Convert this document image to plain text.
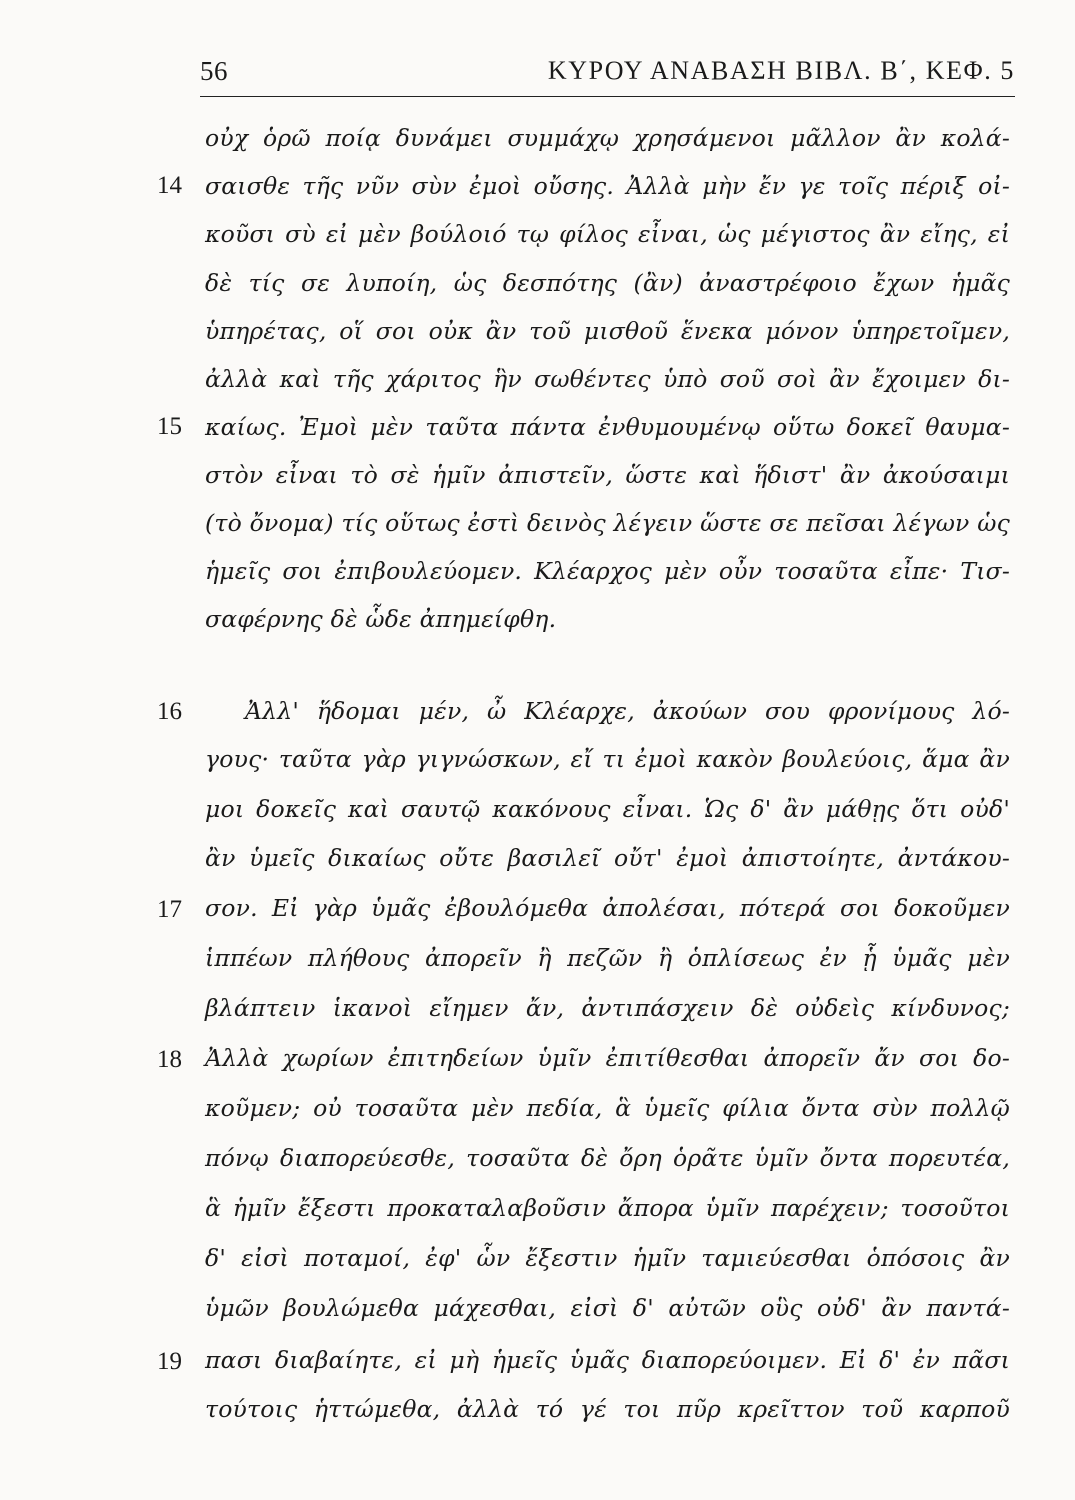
56	ΚΥΡΟΥ ΑΝΑΒΑΣΗ ΒΙΒΛ. Β΄, ΚΕΦ. 5
οὐχ ὁρῶ ποίᾳ δυνάμει συμμάχῳ χρησάμενοι μᾶλλον ἂν κολά-
14 σαισθε τῆς νῦν σὺν ἐμοὶ οὔσης. Ἀλλὰ μὴν ἔν γε τοῖς πέριξ οἰ-
κοῦσι σὺ εἰ μὲν βούλοιό τῳ φίλος εἶναι, ὡς μέγιστος ἂν εἴης, εἰ
δὲ τίς σε λυποίη, ὡς δεσπότης (ἂν) ἀναστρέφοιο ἔχων ἡμᾶς
ὑπηρέτας, οἵ σοι οὐκ ἂν τοῦ μισθοῦ ἕνεκα μόνον ὑπηρετοῖμεν,
ἀλλὰ καὶ τῆς χάριτος ἣν σωθέντες ὑπὸ σοῦ σοὶ ἂν ἔχοιμεν δι-
15 καίως. Ἐμοὶ μὲν ταῦτα πάντα ἐνθυμουμένῳ οὕτω δοκεῖ θαυμα-
στὸν εἶναι τὸ σὲ ἡμῖν ἀπιστεῖν, ὥστε καὶ ἥδιστ' ἂν ἀκούσαιμι
(τὸ ὄνομα) τίς οὕτως ἐστὶ δεινὸς λέγειν ὥστε σε πεῖσαι λέγων ὡς
ἡμεῖς σοι ἐπιβουλεύομεν. Κλέαρχος μὲν οὖν τοσαῦτα εἶπε· Τισ-
σαφέρνης δὲ ὧδε ἀπημείφθη.
16	Ἀλλ' ἥδομαι μέν, ὦ Κλέαρχε, ἀκούων σου φρονίμους λό-
γους· ταῦτα γὰρ γιγνώσκων, εἴ τι ἐμοὶ κακὸν βουλεύοις, ἅμα ἂν
μοι δοκεῖς καὶ σαυτῷ κακόνους εἶναι. Ὡς δ' ἂν μάθῃς ὅτι οὐδ'
ἂν ὑμεῖς δικαίως οὔτε βασιλεῖ οὔτ' ἐμοὶ ἀπιστοίητε, ἀντάκου-
17 σον. Εἰ γὰρ ὑμᾶς ἐβουλόμεθα ἀπολέσαι, πότερά σοι δοκοῦμεν
ἱππέων πλήθους ἀπορεῖν ἢ πεζῶν ἢ ὁπλίσεως ἐν ᾗ ὑμᾶς μὲν
βλάπτειν ἱκανοὶ εἴημεν ἄν, ἀντιπάσχειν δὲ οὐδεὶς κίνδυνος;
18 Ἀλλὰ χωρίων ἐπιτηδείων ὑμῖν ἐπιτίθεσθαι ἀπορεῖν ἄν σοι δο-
κοῦμεν; οὐ τοσαῦτα μὲν πεδία, ἃ ὑμεῖς φίλια ὄντα σὺν πολλῷ
πόνῳ διαπορεύεσθε, τοσαῦτα δὲ ὄρη ὁρᾶτε ὑμῖν ὄντα πορευτέα,
ἃ ἡμῖν ἔξεστι προκαταλαβοῦσιν ἄπορα ὑμῖν παρέχειν; τοσοῦτοι
δ' εἰσὶ ποταμοί, ἐφ' ὧν ἔξεστιν ἡμῖν ταμιεύεσθαι ὁπόσοις ἂν
ὑμῶν βουλώμεθα μάχεσθαι, εἰσὶ δ' αὐτῶν οὓς οὐδ' ἂν παντά-
19 πασι διαβαίητε, εἰ μὴ ἡμεῖς ὑμᾶς διαπορεύοιμεν. Εἰ δ' ἐν πᾶσι
τούτοις ἡττώμεθα, ἀλλὰ τό γέ τοι πῦρ κρεῖττον τοῦ καρποῦ
